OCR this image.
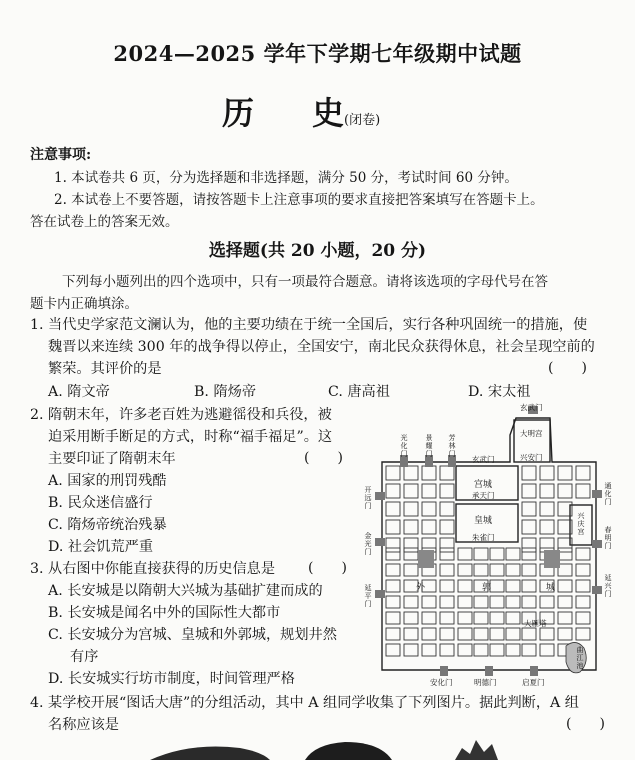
2024—2025 学年下学期七年级期中试题
历 史(闭卷)
注意事项:
1. 本试卷共 6 页，分为选择题和非选择题，满分 50 分，考试时间 60 分钟。
2. 本试卷上不要答题，请按答题卡上注意事项的要求直接把答案填写在答题卡上。
答在试卷上的答案无效。
选择题(共 20 小题，20 分)
下列每小题列出的四个选项中，只有一项最符合题意。请将该选项的字母代号在答
题卡内正确填涂。
1. 当代史学家范文澜认为，他的主要功绩在于统一全国后，实行各种巩固统一的措施，使
魏晋以来连续 300 年的战争得以停止，全国安宁，南北民众获得休息，社会呈现空前的
繁荣。其评价的是	(　　)
A. 隋文帝	B. 隋炀帝	C. 唐高祖	D. 宋太祖
2. 隋朝末年，许多老百姓为逃避徭役和兵役，被
迫采用断手断足的方式，时称“福手福足”。这
主要印证了隋朝末年	(　　)
A. 国家的刑罚残酷
B. 民众迷信盛行
C. 隋炀帝统治残暴
D. 社会饥荒严重
3. 从右图中你能直接获得的历史信息是 (　　)
A. 长安城是以隋朝大兴城为基础扩建而成的
B. 长安城是闻名中外的国际性大都市
C. 长安城分为宫城、皇城和外郭城，规划井然
有序
D. 长安城实行坊市制度，时间管理严格
4. 某学校开展“图话大唐”的分组活动，其中 A 组同学收集了下列图片。据此判断，A 组
名称应该是	(　　)
玄武门
大明宫
玄武门	兴安门
宫城
承天门
皇城
朱雀门
外	郭	城
大雁塔
安化门	明德门	启夏门
光化门
景耀门
芳林门
开远门
金光门
延平门
通化门
兴庆宫	春明门
延兴门
曲江池
